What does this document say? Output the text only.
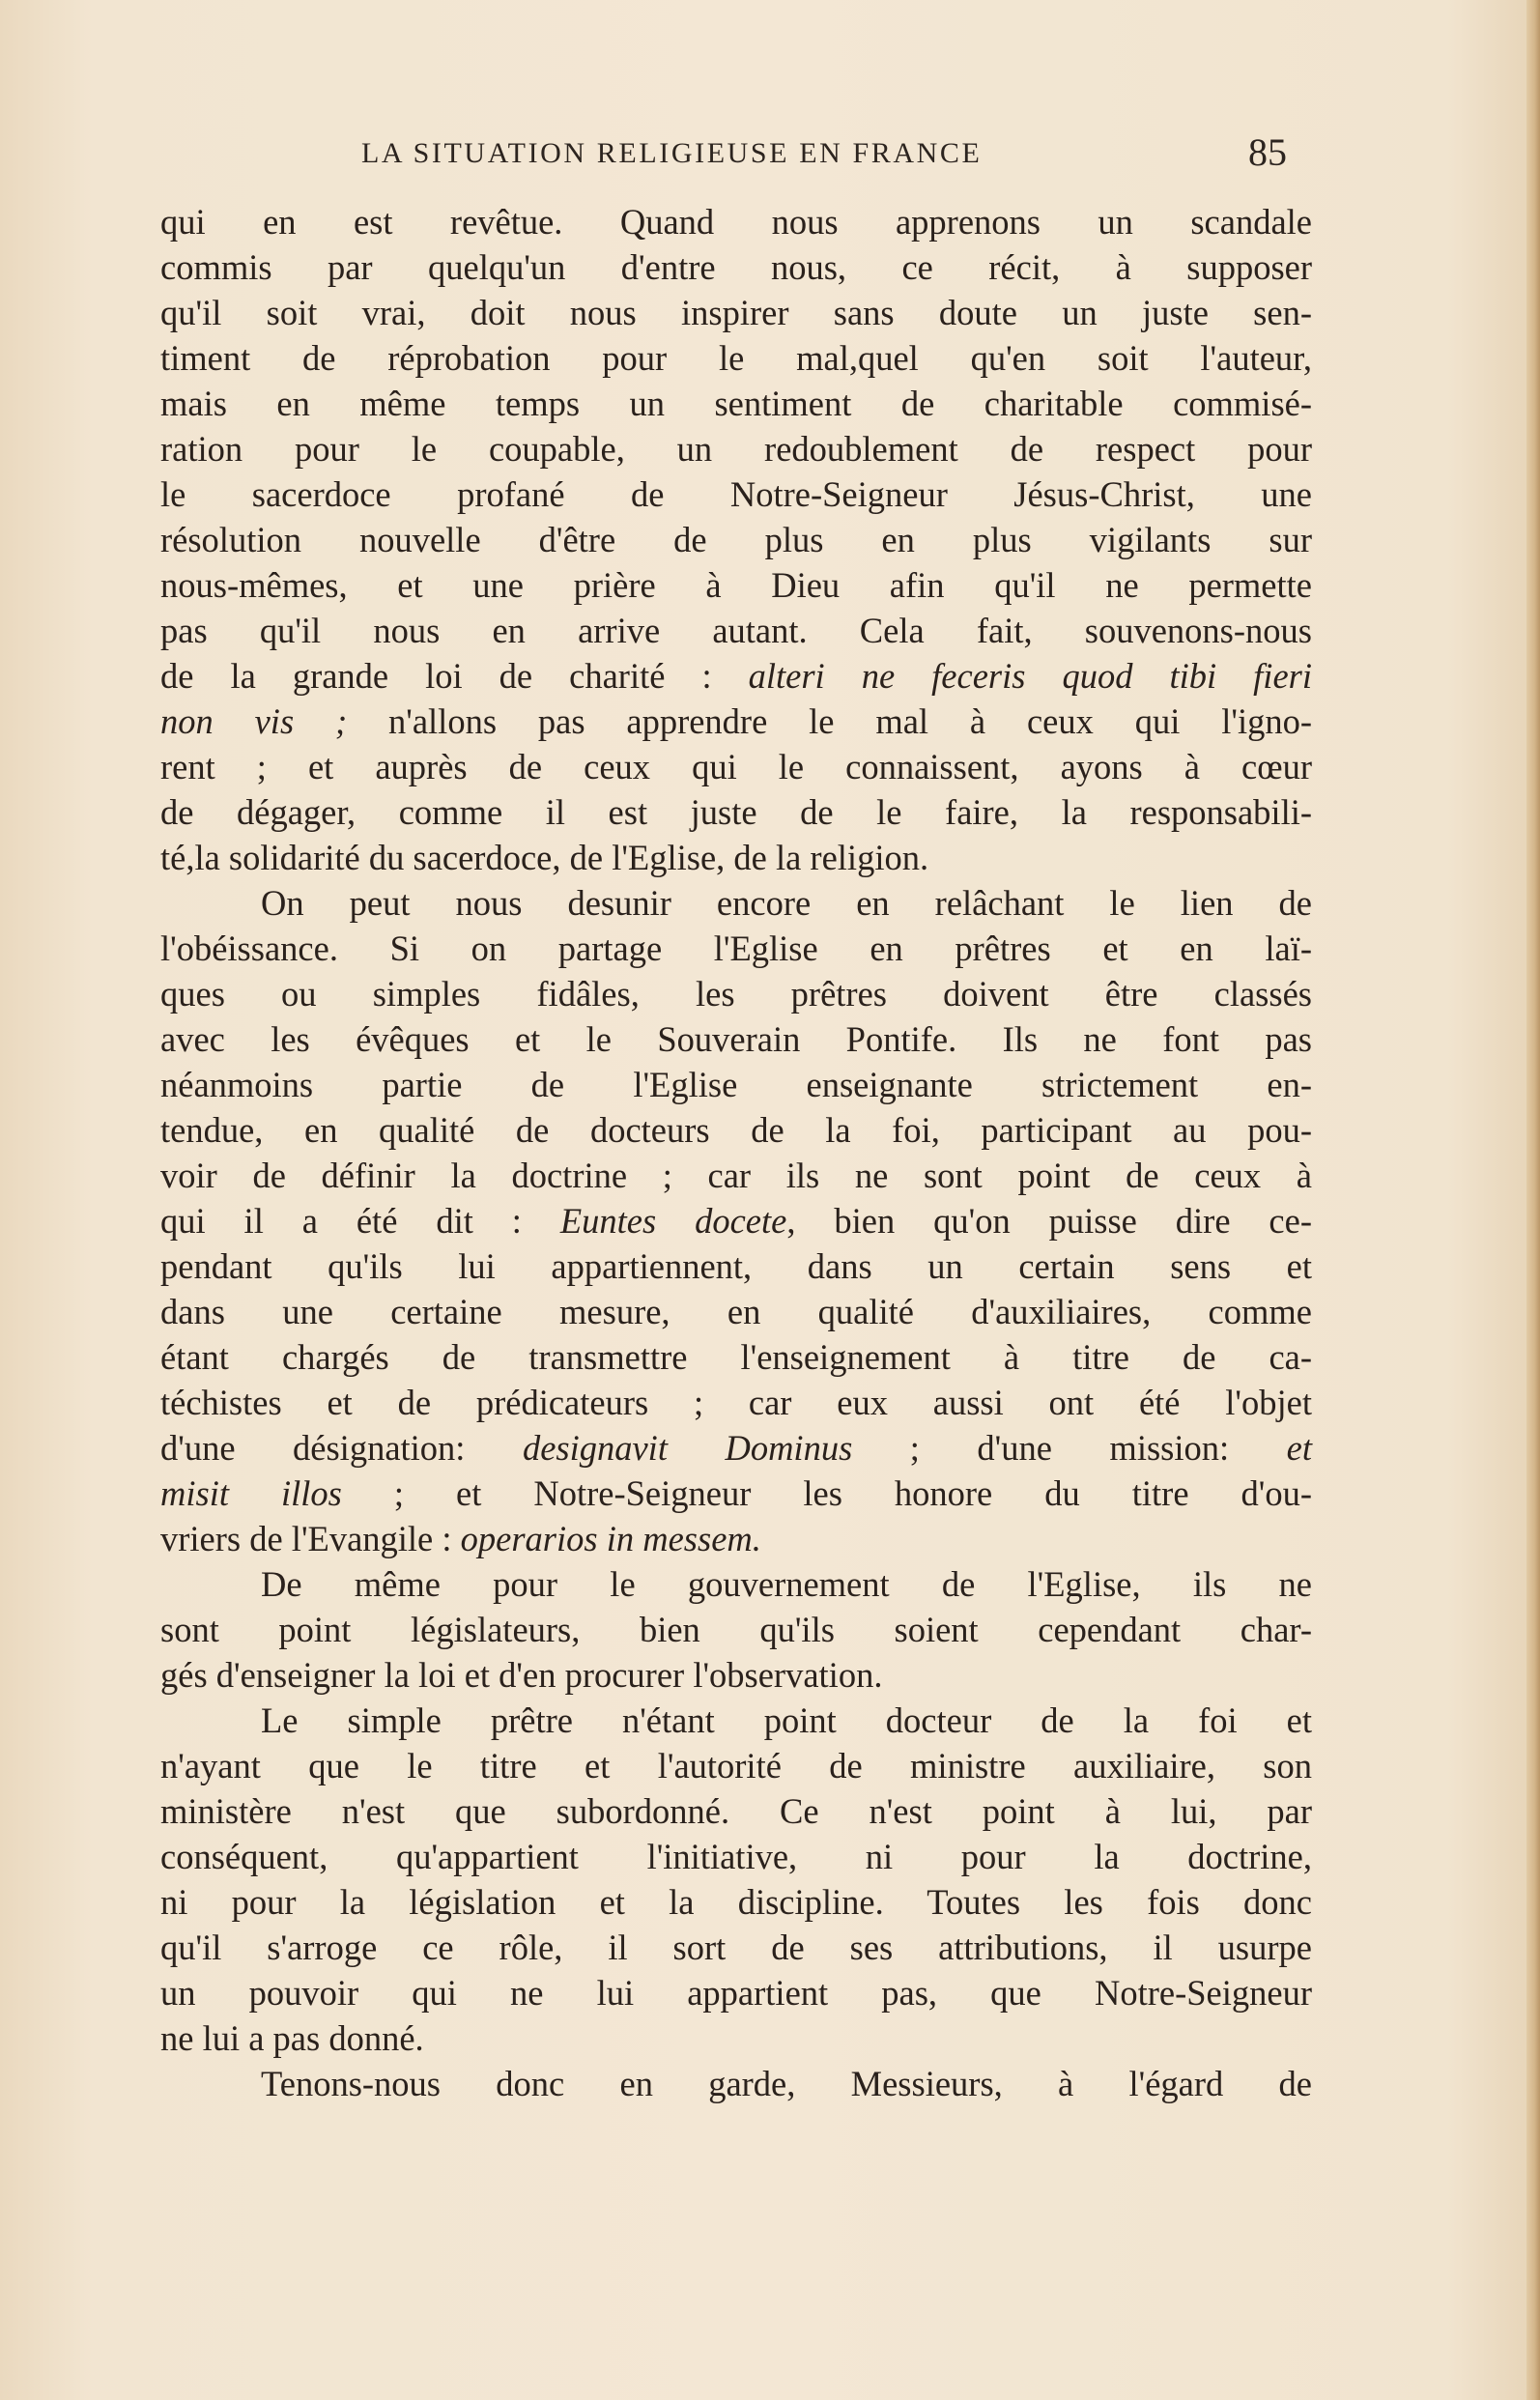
LA SITUATION RELIGIEUSE EN FRANCE	85
qui en est revêtue. Quand nous apprenons un scandale
commis par quelqu'un d'entre nous, ce récit, à supposer
qu'il soit vrai, doit nous inspirer sans doute un juste sen-
timent de réprobation pour le mal,quel qu'en soit l'auteur,
mais en même temps un sentiment de charitable commisé-
ration pour le coupable, un redoublement de respect pour
le sacerdoce profané de Notre-Seigneur Jésus-Christ, une
résolution nouvelle d'être de plus en plus vigilants sur
nous-mêmes, et une prière à Dieu afin qu'il ne permette
pas qu'il nous en arrive autant. Cela fait, souvenons-nous
de la grande loi de charité : alteri ne feceris quod tibi fieri
non vis ; n'allons pas apprendre le mal à ceux qui l'igno-
rent ; et auprès de ceux qui le connaissent, ayons à cœur
de dégager, comme il est juste de le faire, la responsabili-
té,la solidarité du sacerdoce, de l'Eglise, de la religion.
On peut nous desunir encore en relâchant le lien de
l'obéissance. Si on partage l'Eglise en prêtres et en laï-
ques ou simples fidâles, les prêtres doivent être classés
avec les évêques et le Souverain Pontife. Ils ne font pas
néanmoins partie de l'Eglise enseignante strictement en-
tendue, en qualité de docteurs de la foi, participant au pou-
voir de définir la doctrine ; car ils ne sont point de ceux à
qui il a été dit : Euntes docete, bien qu'on puisse dire ce-
pendant qu'ils lui appartiennent, dans un certain sens et
dans une certaine mesure, en qualité d'auxiliaires, comme
étant chargés de transmettre l'enseignement à titre de ca-
téchistes et de prédicateurs ; car eux aussi ont été l'objet
d'une désignation: designavit Dominus ; d'une mission: et
misit illos ; et Notre-Seigneur les honore du titre d'ou-
vriers de l'Evangile : operarios in messem.
De même pour le gouvernement de l'Eglise, ils ne
sont point législateurs, bien qu'ils soient cependant char-
gés d'enseigner la loi et d'en procurer l'observation.
Le simple prêtre n'étant point docteur de la foi et
n'ayant que le titre et l'autorité de ministre auxiliaire, son
ministère n'est que subordonné. Ce n'est point à lui, par
conséquent, qu'appartient l'initiative, ni pour la doctrine,
ni pour la législation et la discipline. Toutes les fois donc
qu'il s'arroge ce rôle, il sort de ses attributions, il usurpe
un pouvoir qui ne lui appartient pas, que Notre-Seigneur
ne lui a pas donné.
Tenons-nous donc en garde, Messieurs, à l'égard de
